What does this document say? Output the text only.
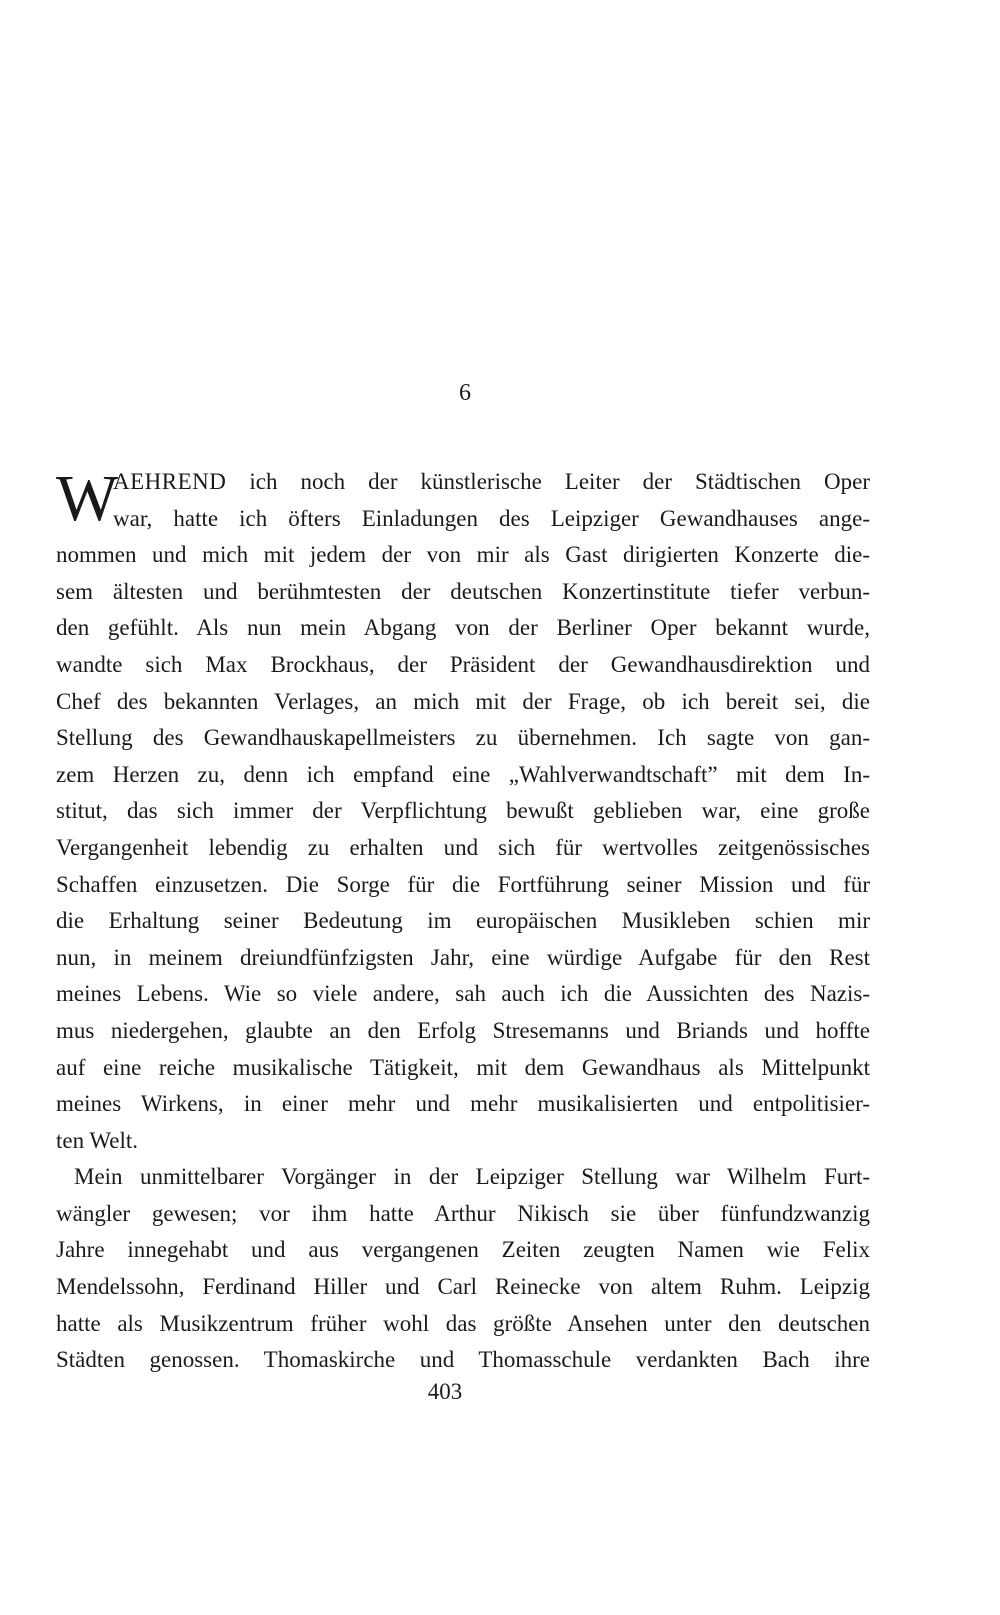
6
W
AEHREND ich noch der künstlerische Leiter der Städtischen Oper
war, hatte ich öfters Einladungen des Leipziger Gewandhauses ange-
nommen und mich mit jedem der von mir als Gast dirigierten Konzerte die-
sem ältesten und berühmtesten der deutschen Konzertinstitute tiefer verbun-
den gefühlt. Als nun mein Abgang von der Berliner Oper bekannt wurde,
wandte sich Max Brockhaus, der Präsident der Gewandhausdirektion und
Chef des bekannten Verlages, an mich mit der Frage, ob ich bereit sei, die
Stellung des Gewandhauskapellmeisters zu übernehmen. Ich sagte von gan-
zem Herzen zu, denn ich empfand eine „Wahlverwandtschaft” mit dem In-
stitut, das sich immer der Verpflichtung bewußt geblieben war, eine große
Vergangenheit lebendig zu erhalten und sich für wertvolles zeitgenössisches
Schaffen einzusetzen. Die Sorge für die Fortführung seiner Mission und für
die Erhaltung seiner Bedeutung im europäischen Musikleben schien mir
nun, in meinem dreiundfünfzigsten Jahr, eine würdige Aufgabe für den Rest
meines Lebens. Wie so viele andere, sah auch ich die Aussichten des Nazis-
mus niedergehen, glaubte an den Erfolg Stresemanns und Briands und hoffte
auf eine reiche musikalische Tätigkeit, mit dem Gewandhaus als Mittelpunkt
meines Wirkens, in einer mehr und mehr musikalisierten und entpolitisier-
ten Welt.
Mein unmittelbarer Vorgänger in der Leipziger Stellung war Wilhelm Furt-
wängler gewesen; vor ihm hatte Arthur Nikisch sie über fünfundzwanzig
Jahre innegehabt und aus vergangenen Zeiten zeugten Namen wie Felix
Mendelssohn, Ferdinand Hiller und Carl Reinecke von altem Ruhm. Leipzig
hatte als Musikzentrum früher wohl das größte Ansehen unter den deutschen
Städten genossen. Thomaskirche und Thomasschule verdankten Bach ihre
403
